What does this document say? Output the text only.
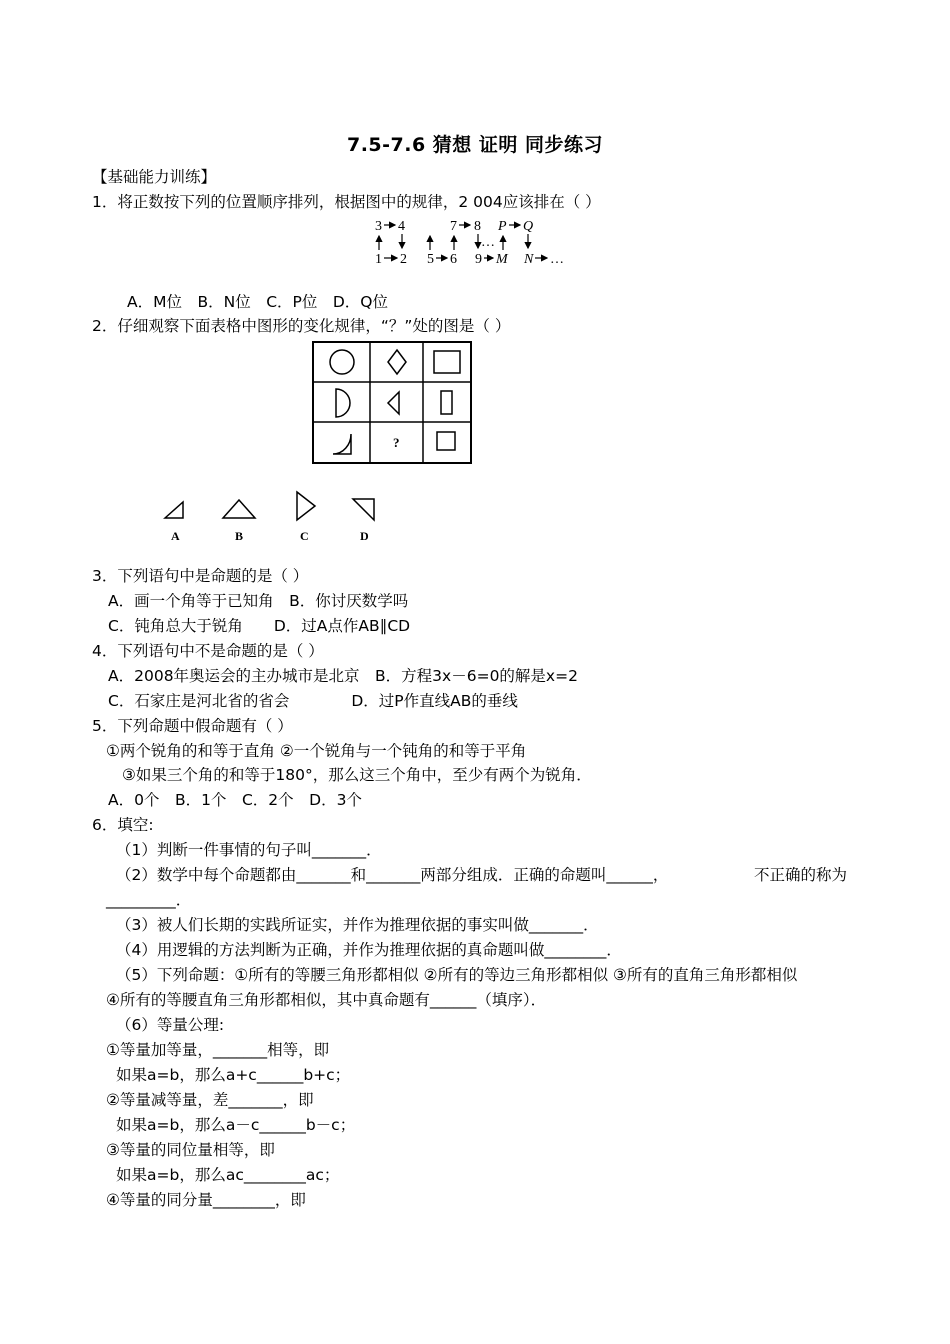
7.5-7.6 猜想 证明 同步练习
【基础能力训练】
1．将正数按下列的位置顺序排列，根据图中的规律，2 004应该排在（ ）
3 4	7 8 P Q
…
1 2 5 6 9 M N …
A．M位　B．N位　C．P位　D．Q位
2．仔细观察下面表格中图形的变化规律，“？”处的图是（ ）
?
A	B	C	D
3．下列语句中是命题的是（ ）
A．画一个角等于已知角　B．你讨厌数学吗
C．钝角总大于锐角　　D．过A点作AB∥CD
4．下列语句中不是命题的是（ ）
A．2008年奥运会的主办城市是北京　B．方程3x－6=0的解是x=2
C．石家庄是河北省的省会　　　　D．过P作直线AB的垂线
5．下列命题中假命题有（ ）
①两个锐角的和等于直角 ②一个锐角与一个钝角的和等于平角
③如果三个角的和等于180°，那么这三个角中，至少有两个为锐角．
A．0个　B．1个　C．2个　D．3个
6．填空:
（1）判断一件事情的句子叫_______．
（2）数学中每个命题都由_______和_______两部分组成．正确的命题叫______，	不正确的称为
_________．
（3）被人们长期的实践所证实，并作为推理依据的事实叫做_______．
（4）用逻辑的方法判断为正确，并作为推理依据的真命题叫做________．
（5）下列命题：①所有的等腰三角形都相似 ②所有的等边三角形都相似 ③所有的直角三角形都相似
④所有的等腰直角三角形都相似，其中真命题有______（填序）．
（6）等量公理:
①等量加等量，_______相等，即
如果a=b，那么a+c______b+c；
②等量减等量，差_______，即
如果a=b，那么a－c______b－c；
③等量的同位量相等，即
如果a=b，那么ac________ac；
④等量的同分量________，即
